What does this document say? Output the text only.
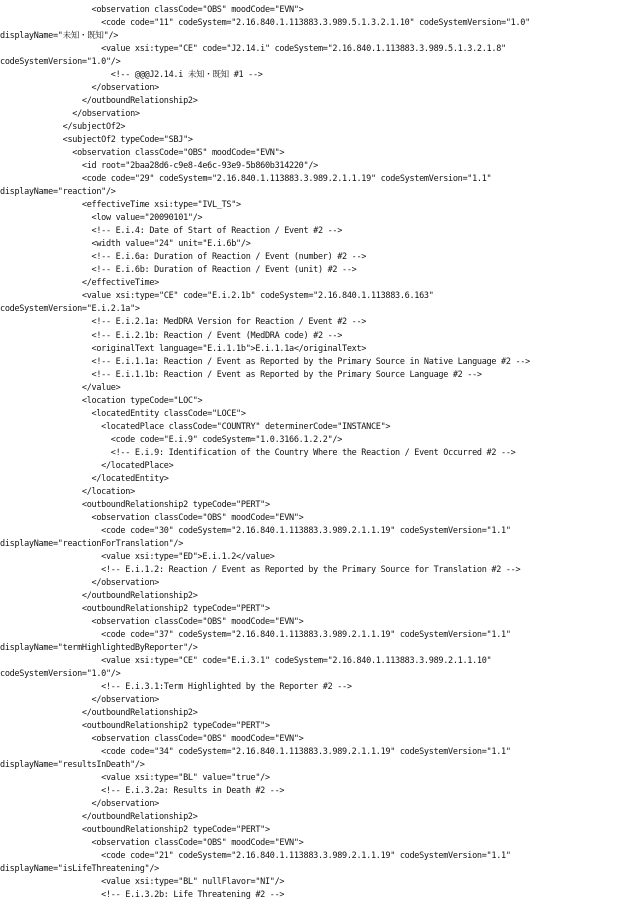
<observation classCode="OBS" moodCode="EVN">
<code code="11" codeSystem="2.16.840.1.113883.3.989.5.1.3.2.1.10" codeSystemVersion="1.0"
displayName="未知・既知"/>
<value xsi:type="CE" code="J2.14.i" codeSystem="2.16.840.1.113883.3.989.5.1.3.2.1.8"
codeSystemVersion="1.0"/>
<!-- @@@J2.14.i 未知・既知 #1 -->
</observation>
</outboundRelationship2>
</observation>
</subjectOf2>
<subjectOf2 typeCode="SBJ">
<observation classCode="OBS" moodCode="EVN">
<id root="2baa28d6-c9e8-4e6c-93e9-5b860b314220"/>
<code code="29" codeSystem="2.16.840.1.113883.3.989.2.1.1.19" codeSystemVersion="1.1"
displayName="reaction"/>
<effectiveTime xsi:type="IVL_TS">
<low value="20090101"/>
<!-- E.i.4: Date of Start of Reaction / Event #2 -->
<width value="24" unit="E.i.6b"/>
<!-- E.i.6a: Duration of Reaction / Event (number) #2 -->
<!-- E.i.6b: Duration of Reaction / Event (unit) #2 -->
</effectiveTime>
<value xsi:type="CE" code="E.i.2.1b" codeSystem="2.16.840.1.113883.6.163"
codeSystemVersion="E.i.2.1a">
<!-- E.i.2.1a: MedDRA Version for Reaction / Event #2 -->
<!-- E.i.2.1b: Reaction / Event (MedDRA code) #2 -->
<originalText language="E.i.1.1b">E.i.1.1a</originalText>
<!-- E.i.1.1a: Reaction / Event as Reported by the Primary Source in Native Language #2 -->
<!-- E.i.1.1b: Reaction / Event as Reported by the Primary Source Language #2 -->
</value>
<location typeCode="LOC">
<locatedEntity classCode="LOCE">
<locatedPlace classCode="COUNTRY" determinerCode="INSTANCE">
<code code="E.i.9" codeSystem="1.0.3166.1.2.2"/>
<!-- E.i.9: Identification of the Country Where the Reaction / Event Occurred #2 -->
</locatedPlace>
</locatedEntity>
</location>
<outboundRelationship2 typeCode="PERT">
<observation classCode="OBS" moodCode="EVN">
<code code="30" codeSystem="2.16.840.1.113883.3.989.2.1.1.19" codeSystemVersion="1.1"
displayName="reactionForTranslation"/>
<value xsi:type="ED">E.i.1.2</value>
<!-- E.i.1.2: Reaction / Event as Reported by the Primary Source for Translation #2 -->
</observation>
</outboundRelationship2>
<outboundRelationship2 typeCode="PERT">
<observation classCode="OBS" moodCode="EVN">
<code code="37" codeSystem="2.16.840.1.113883.3.989.2.1.1.19" codeSystemVersion="1.1"
displayName="termHighlightedByReporter"/>
<value xsi:type="CE" code="E.i.3.1" codeSystem="2.16.840.1.113883.3.989.2.1.1.10"
codeSystemVersion="1.0"/>
<!-- E.i.3.1:Term Highlighted by the Reporter #2 -->
</observation>
</outboundRelationship2>
<outboundRelationship2 typeCode="PERT">
<observation classCode="OBS" moodCode="EVN">
<code code="34" codeSystem="2.16.840.1.113883.3.989.2.1.1.19" codeSystemVersion="1.1"
displayName="resultsInDeath"/>
<value xsi:type="BL" value="true"/>
<!-- E.i.3.2a: Results in Death #2 -->
</observation>
</outboundRelationship2>
<outboundRelationship2 typeCode="PERT">
<observation classCode="OBS" moodCode="EVN">
<code code="21" codeSystem="2.16.840.1.113883.3.989.2.1.1.19" codeSystemVersion="1.1"
displayName="isLifeThreatening"/>
<value xsi:type="BL" nullFlavor="NI"/>
<!-- E.i.3.2b: Life Threatening #2 -->
